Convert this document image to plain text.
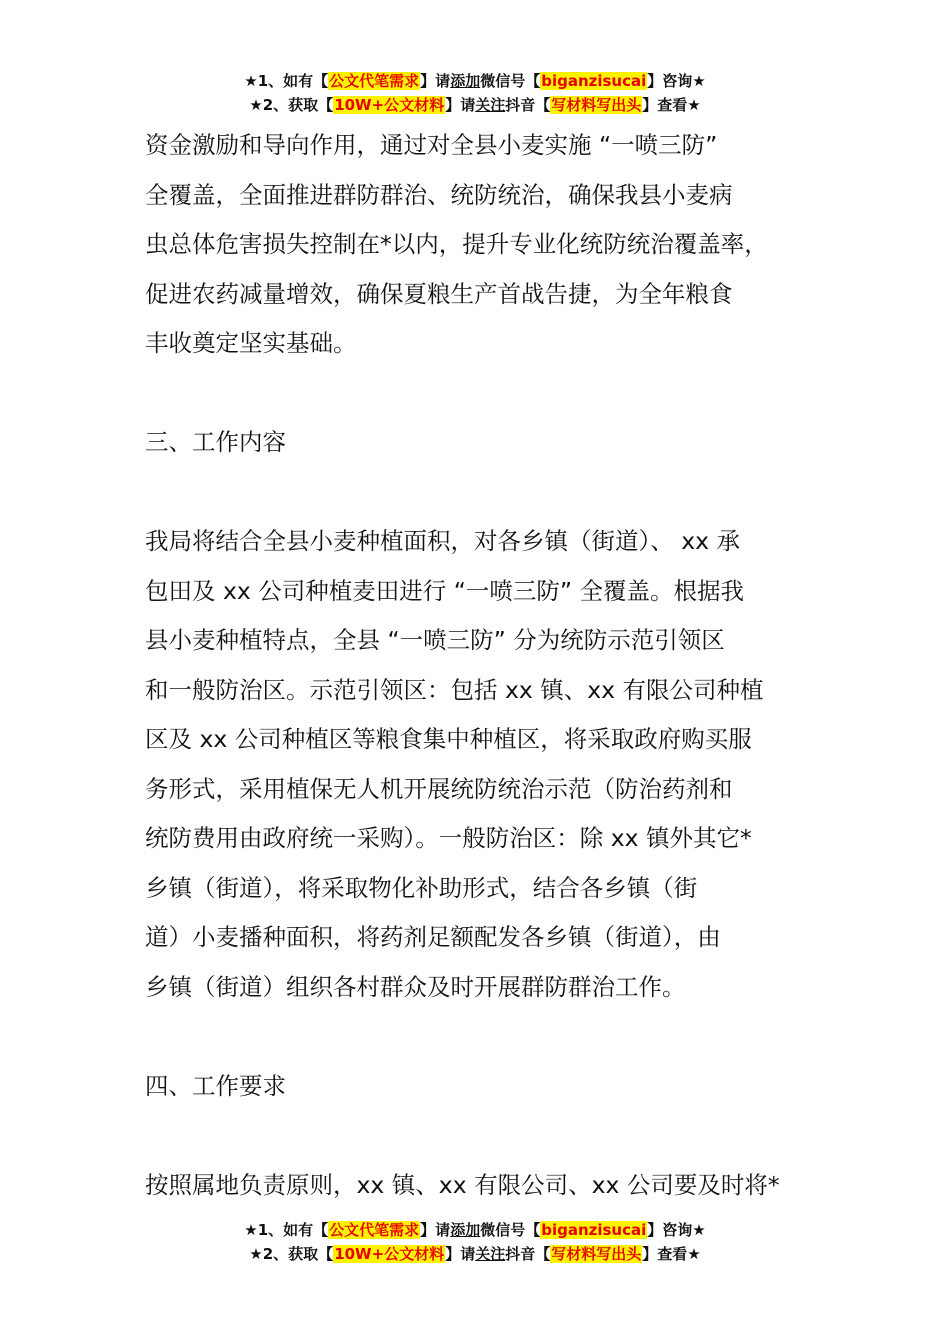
★1、如有【公文代笔需求】请添加微信号【biganzisucai】咨询★
★2、获取【10W+公文材料】请关注抖音【写材料写出头】查看★

资金激励和导向作用，通过对全县小麦实施 “一喷三防”

全覆盖，全面推进群防群治、统防统治，确保我县小麦病

虫总体危害损失控制在*以内，提升专业化统防统治覆盖率，

促进农药减量增效，确保夏粮生产首战告捷，为全年粮食

丰收奠定坚实基础。

三、工作内容

我局将结合全县小麦种植面积，对各乡镇（街道）、 xx 承

包田及 xx 公司种植麦田进行 “一喷三防” 全覆盖。根据我

县小麦种植特点，全县 “一喷三防” 分为统防示范引领区

和一般防治区。示范引领区：包括 xx 镇、xx 有限公司种植

区及 xx 公司种植区等粮食集中种植区，将采取政府购买服

务形式，采用植保无人机开展统防统治示范（防治药剂和

统防费用由政府统一采购）。一般防治区：除 xx 镇外其它*

乡镇（街道），将采取物化补助形式，结合各乡镇（街

道）小麦播种面积，将药剂足额配发各乡镇（街道），由

乡镇（街道）组织各村群众及时开展群防群治工作。

四、工作要求

按照属地负责原则，xx 镇、xx 有限公司、xx 公司要及时将*

★1、如有【公文代笔需求】请添加微信号【biganzisucai】咨询★
★2、获取【10W+公文材料】请关注抖音【写材料写出头】查看★
